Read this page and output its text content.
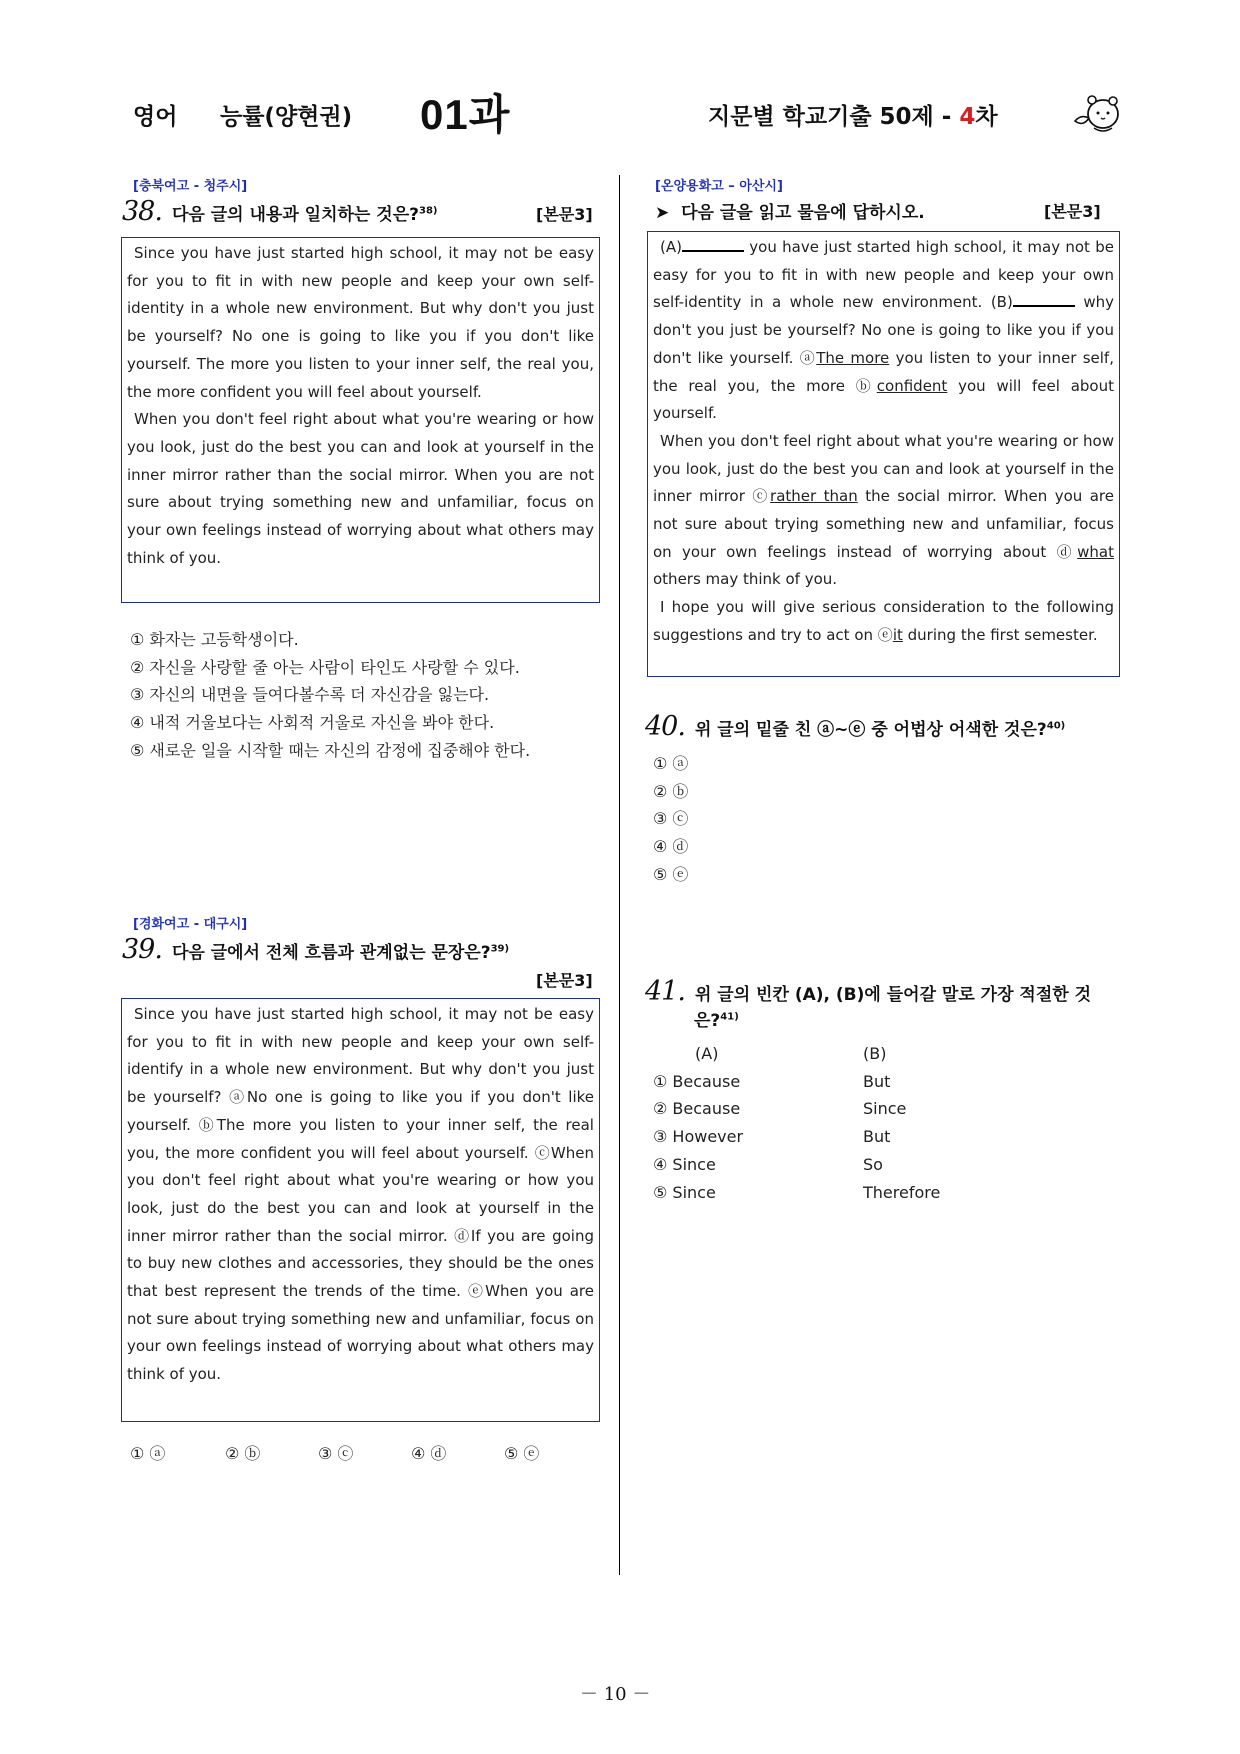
영어 능률(양현권) 01과	지문별 학교기출 50제 - 4차
[충북여고 - 청주시]
38. 다음 글의 내용과 일치하는 것은?$^{38)}$	[본문3]

Since you have just started high school, it may not be easy for you to fit in with new people and keep your own self-identity in a whole new environment. But why don't you just be yourself? No one is going to like you if you don't like yourself. The more you listen to your inner self, the real you, the more confident you will feel about yourself.

When you don't feel right about what you're wearing or how you look, just do the best you can and look at yourself in the inner mirror rather than the social mirror. When you are not sure about trying something new and unfamiliar, focus on your own feelings instead of worrying about what others may think of you.

① 화자는 고등학생이다.
② 자신을 사랑할 줄 아는 사람이 타인도 사랑할 수 있다.
③ 자신의 내면을 들여다볼수록 더 자신감을 잃는다.
④ 내적 거울보다는 사회적 거울로 자신을 봐야 한다.
⑤ 새로운 일을 시작할 때는 자신의 감정에 집중해야 한다.
[경화여고 - 대구시]
39. 다음 글에서 전체 흐름과 관계없는 문장은?$^{39)}$
[본문3]

Since you have just started high school, it may not be easy for you to fit in with new people and keep your own self-identify in a whole new environment. But why don't you just be yourself? ⓐNo one is going to like you if you don't like yourself. ⓑThe more you listen to your inner self, the real you, the more confident you will feel about yourself. ⓒWhen you don't feel right about what you're wearing or how you look, just do the best you can and look at yourself in the inner mirror rather than the social mirror. ⓓIf you are going to buy new clothes and accessories, they should be the ones that best represent the trends of the time. ⓔWhen you are not sure about trying something new and unfamiliar, focus on your own feelings instead of worrying about what others may think of you.

① ⓐ	② ⓑ	③ ⓒ	④ ⓓ	⑤ ⓔ
[온양용화고 – 아산시]
➤ 다음 글을 읽고 물음에 답하시오.	[본문3]

(A)	you have just started high school, it may not be easy for you to fit in with new people and keep your own self-identity in a whole new environment. (B)	why don't you just be yourself? No one is going to like you if you don't like yourself. ⓐThe more you listen to your inner self, the real you, the more ⓑconfident you will feel about yourself.

When you don't feel right about what you're wearing or how you look, just do the best you can and look at yourself in the inner mirror ⓒrather than the social mirror. When you are not sure about trying something new and unfamiliar, focus on your own feelings instead of worrying about ⓓwhat others may think of you.

I hope you will give serious consideration to the following suggestions and try to act on ⓔit during the first semester.

40. 위 글의 밑줄 친 ⓐ~ⓔ 중 어법상 어색한 것은?$^{40)}$
① ⓐ
② ⓑ
③ ⓒ
④ ⓓ
⑤ ⓔ
41. 위 글의 빈칸 (A), (B)에 들어갈 말로 가장 적절한 것
은?$^{41)}$
(A)	(B)
① Because	But
② Because	Since
③ However	But
④ Since	So
⑤ Since	Therefore
－ 10 －
